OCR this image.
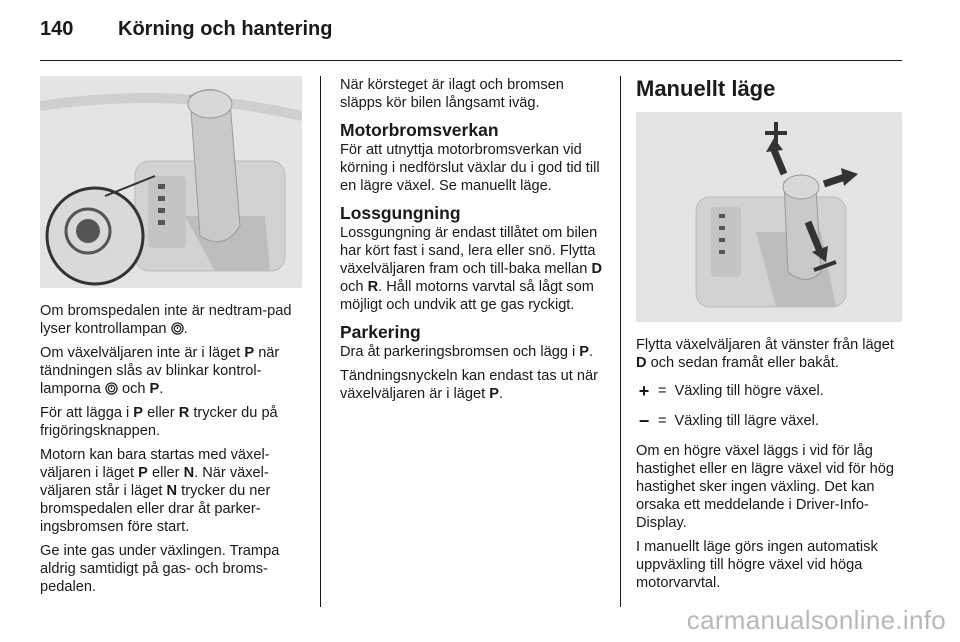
140 Körning och hantering

Om bromspedalen inte är nedtram-pad lyser kontrollampan .

Om växelväljaren inte är i läget P när tändningen slås av blinkar kontrol-lamporna  och P.

För att lägga i P eller R trycker du på frigöringsknappen.

Motorn kan bara startas med växel-väljaren i läget P eller N. När växel-väljaren står i läget N trycker du ner bromspedalen eller drar åt parker-ingsbromsen före start.

Ge inte gas under växlingen. Trampa aldrig samtidigt på gas- och broms-pedalen.

När körsteget är ilagt och bromsen släpps kör bilen långsamt iväg.

Motorbromsverkan

För att utnyttja motorbromsverkan vid körning i nedförslut växlar du i god tid till en lägre växel. Se manuellt läge.

Lossgungning

Lossgungning är endast tillåtet om bilen har kört fast i sand, lera eller snö. Flytta växelväljaren fram och till-baka mellan D och R. Håll motorns varvtal så lågt som möjligt och undvik att ge gas ryckigt.

Parkering

Dra åt parkeringsbromsen och lägg i P.

Tändningsnyckeln kan endast tas ut när växelväljaren är i läget P.

Manuellt läge

Flytta växelväljaren åt vänster från läget D och sedan framåt eller bakåt.

+ = Växling till högre växel.
− = Växling till lägre växel.

Om en högre växel läggs i vid för låg hastighet eller en lägre växel vid för hög hastighet sker ingen växling. Det kan orsaka ett meddelande i Driver-Info-Display.

I manuellt läge görs ingen automatisk uppväxling till högre växel vid höga motorvarvtal.

carmanualsonline.info
